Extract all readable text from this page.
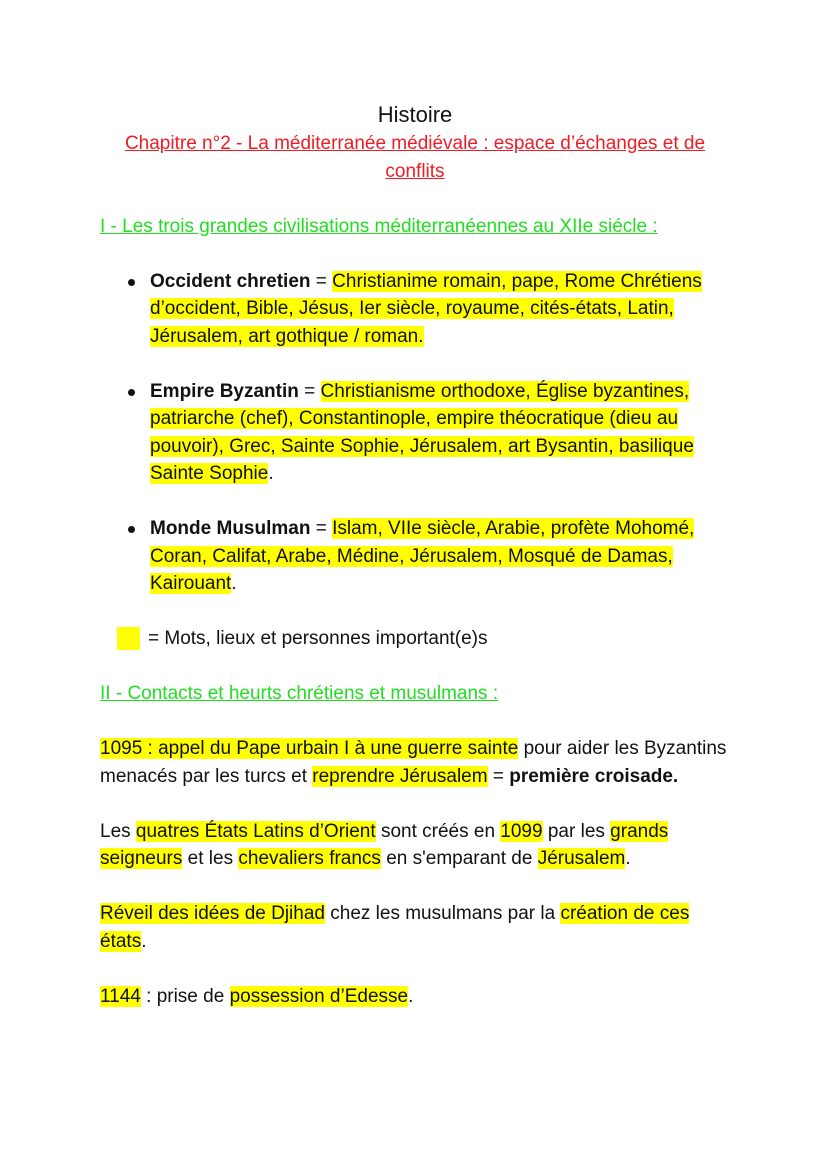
Histoire
Chapitre n°2 - La méditerranée médiévale : espace d’échanges et de conflits
I - Les trois grandes civilisations méditerranéennes au XIIe siécle :
Occident chretien = Christianime romain, pape, Rome Chrétiens d’occident, Bible, Jésus, Ier siècle, royaume, cités-états, Latin, Jérusalem, art gothique / roman.
Empire Byzantin = Christianisme orthodoxe, Église byzantines, patriarche (chef), Constantinople, empire théocratique (dieu au pouvoir), Grec, Sainte Sophie, Jérusalem, art Bysantin, basilique Sainte Sophie.
Monde Musulman = Islam, VIIe siècle, Arabie, profète Mohomé, Coran, Califat, Arabe, Médine, Jérusalem, Mosqué de Damas, Kairouant.
= Mots, lieux et personnes important(e)s
II - Contacts et heurts chrétiens et musulmans :

1095 : appel du Pape urbain I à une guerre sainte pour aider les Byzantins menacés par les turcs et reprendre Jérusalem = première croisade.

Les quatres États Latins d’Orient sont créés en 1099 par les grands seigneurs et les chevaliers francs en s'emparant de Jérusalem.

Réveil des idées de Djihad chez les musulmans par la création de ces états.

1144 : prise de possession d’Edesse.
